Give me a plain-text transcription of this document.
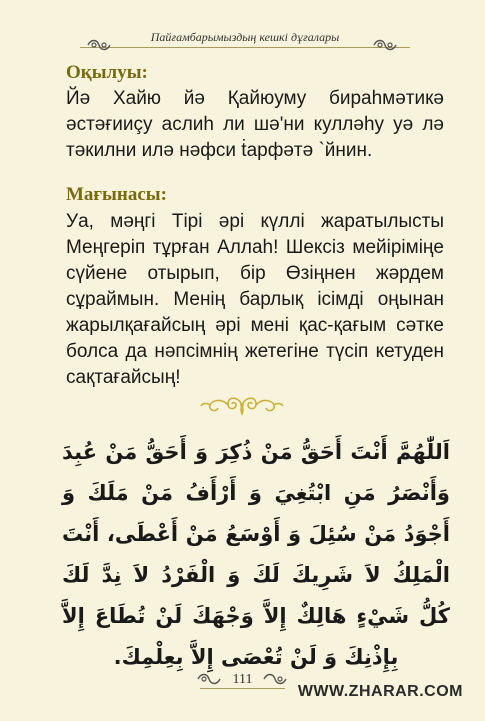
Пайғамбарымыздың кешкі дұғалары
Оқылуы:
Йә Хайю йә Қайюуму бираһмәтикә әстәғииçу аслиһ ли шә'ни кулләһу уә лә тәкилни илә нәфси ṫарфәтә `йнин.
Мағынасы:
Уа, мәңгі Тірі әрі күллі жаратылысты Меңгеріп тұрған Аллаһ! Шексіз мейіріміңе сүйене отырып, бір Өзіңнен жәрдем сұраймын. Менің барлық ісімді оңынан жарылқағайсың әрі мені қас-қағым сәтке болса да нәпсімнің жетегіне түсіп кетуден сақтағайсың!
اَللّٰهُمَّ أَنْتَ أَحَقُّ مَنْ ذُكِرَ وَ أَحَقُّ مَنْ عُبِدَ وَأَنْصَرُ مَنِ ابْتُغِيَ وَ أَرْأَفُ مَنْ مَلَكَ وَ أَجْوَدُ مَنْ سُئِلَ وَ أَوْسَعُ مَنْ أَعْطَى، أَنْتَ الْمَلِكُ لاَ شَرِيكَ لَكَ وَ الْفَرْدُ لاَ نِدَّ لَكَ كُلُّ شَيْءٍ هَالِكٌ إِلاَّ وَجْهَكَ لَنْ تُطَاعَ إِلاَّ بِإِذْنِكَ وَ لَنْ تُعْصَى إِلاَّ بِعِلْمِكَ.
111
WWW.ZHARAR.COM
